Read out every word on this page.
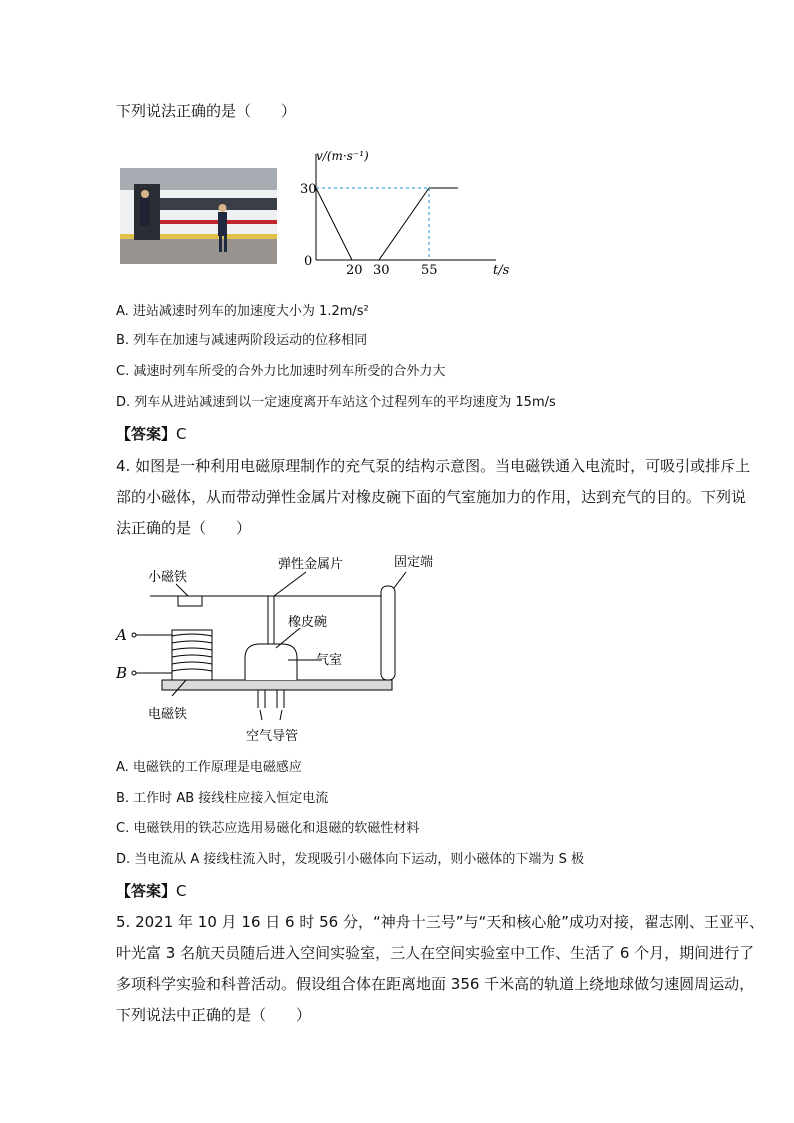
下列说法正确的是（　　）
v/(m·s⁻¹)
30
0
20 30 55	t/s
A. 进站减速时列车的加速度大小为 1.2m/s²
B. 列车在加速与减速两阶段运动的位移相同
C. 减速时列车所受的合外力比加速时列车所受的合外力大
D. 列车从进站减速到以一定速度离开车站这个过程列车的平均速度为 15m/s
【答案】C
4. 如图是一种利用电磁原理制作的充气泵的结构示意图。当电磁铁通入电流时，可吸引或排斥上
部的小磁体，从而带动弹性金属片对橡皮碗下面的气室施加力的作用，达到充气的目的。下列说
法正确的是（　　）
小磁铁
弹性金属片	固定端
橡皮碗
气室
A
B
电磁铁
空气导管
A. 电磁铁的工作原理是电磁感应
B. 工作时 AB 接线柱应接入恒定电流
C. 电磁铁用的铁芯应选用易磁化和退磁的软磁性材料
D. 当电流从 A 接线柱流入时，发现吸引小磁体向下运动，则小磁体的下端为 S 极
【答案】C
5. 2021 年 10 月 16 日 6 时 56 分，“神舟十三号”与“天和核心舱”成功对接，翟志刚、王亚平、
叶光富 3 名航天员随后进入空间实验室，三人在空间实验室中工作、生活了 6 个月，期间进行了
多项科学实验和科普活动。假设组合体在距离地面 356 千米高的轨道上绕地球做匀速圆周运动，
下列说法中正确的是（　　）
